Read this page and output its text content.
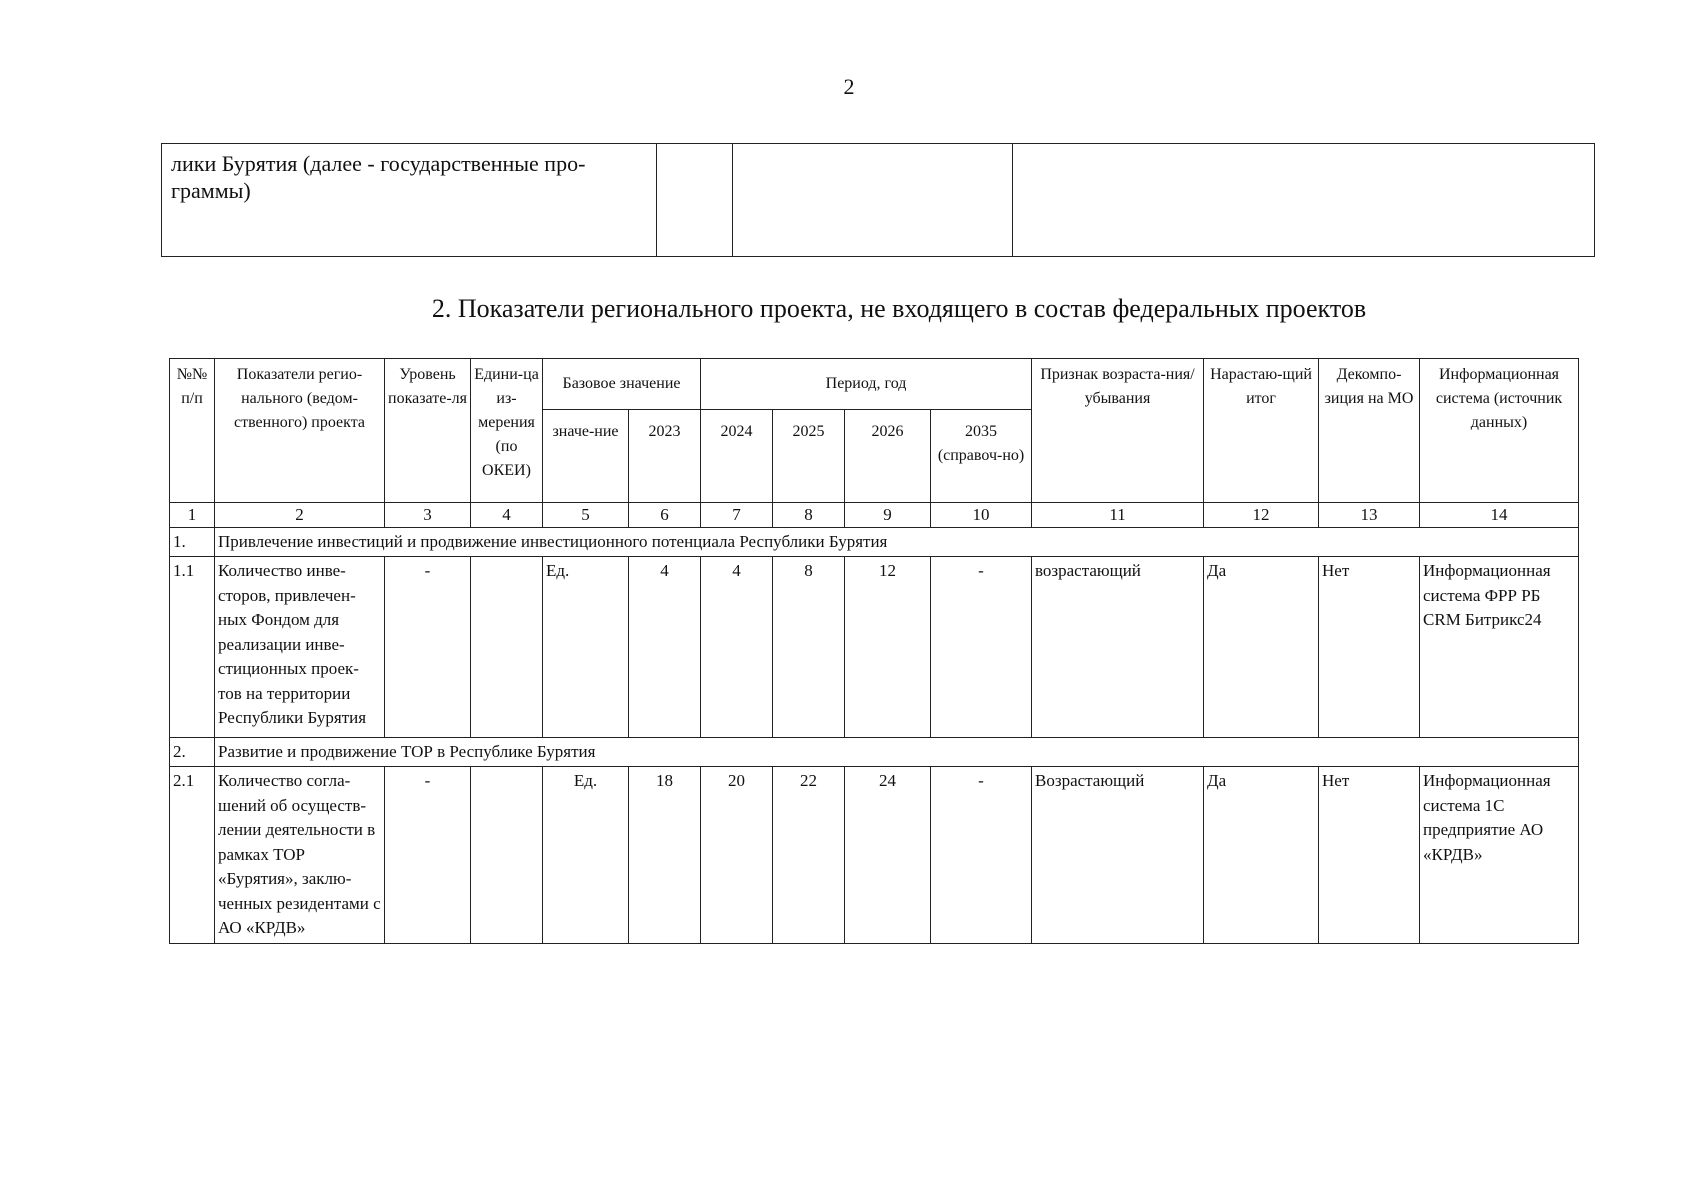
2
лики Бурятия (далее - государственные про-граммы)			
2. Показатели регионального проекта, не входящего в состав федеральных проектов
№№ п/п	Показатели регио-нального (ведом-ственного) проекта	Уровень показате-ля	Едини-ца из-мерения (по ОКЕИ)	Базовое значение		Период, год				Признак возраста-ния/убывания	Нарастаю-щий итог	Декомпо-зиция на МО	Информационная система (источник данных)
				значе-ние	2023	2024	2025	2026	2035 (справоч-но)				
1	2	3	4	5	6	7	8	9	10	11	12	13	14
1.	Привлечение инвестиций и продвижение инвестиционного потенциала Республики Бурятия												
1.1	Количество инве-сторов, привлечен-ных Фондом для реализации инве-стиционных проек-тов на территории Республики Бурятия	-		Ед.	4	4	8	12	-	возрастающий	Да	Нет	Информационная система ФРР РБ CRM Битрикс24
2.	Развитие и продвижение ТОР в Республике Бурятия												
2.1	Количество согла-шений об осуществ-лении деятельности в рамках ТОР «Бурятия», заклю-ченных резидентами с АО «КРДВ»	-		Ед.	18	20	22	24	-	Возрастающий	Да	Нет	Информационная система 1С предприятие АО «КРДВ»
